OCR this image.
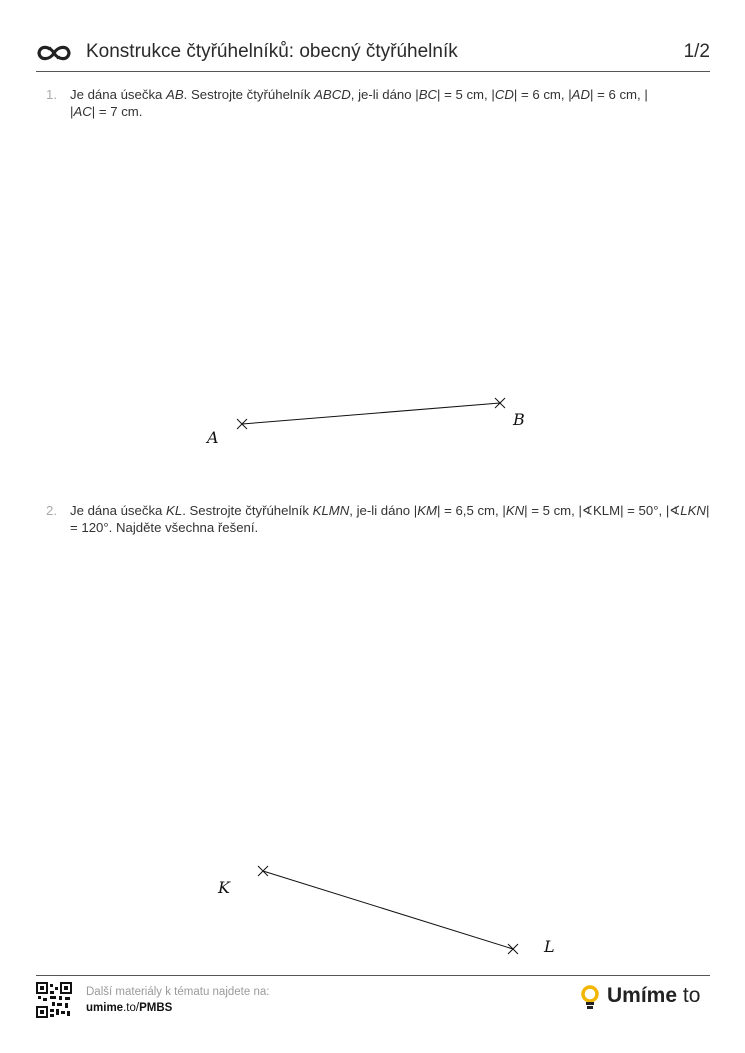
Konstrukce čtyřúhelníků: obecný čtyřúhelník	1/2
1. Je dána úsečka AB. Sestrojte čtyřúhelník ABCD, je-li dáno |BC| = 5 cm, |CD| = 6 cm, |AD| = 6 cm, |
|AC| = 7 cm.
2. Je dána úsečka KL. Sestrojte čtyřúhelník KLMN, je-li dáno |KM| = 6,5 cm, |KN| = 5 cm, |∢KLM| = 50°, |∢LKN| = 120°. Najděte všechna řešení.
A
B
K
L
Další materiály k tématu najdete na:
umime.to/PMBS
Umíme to
